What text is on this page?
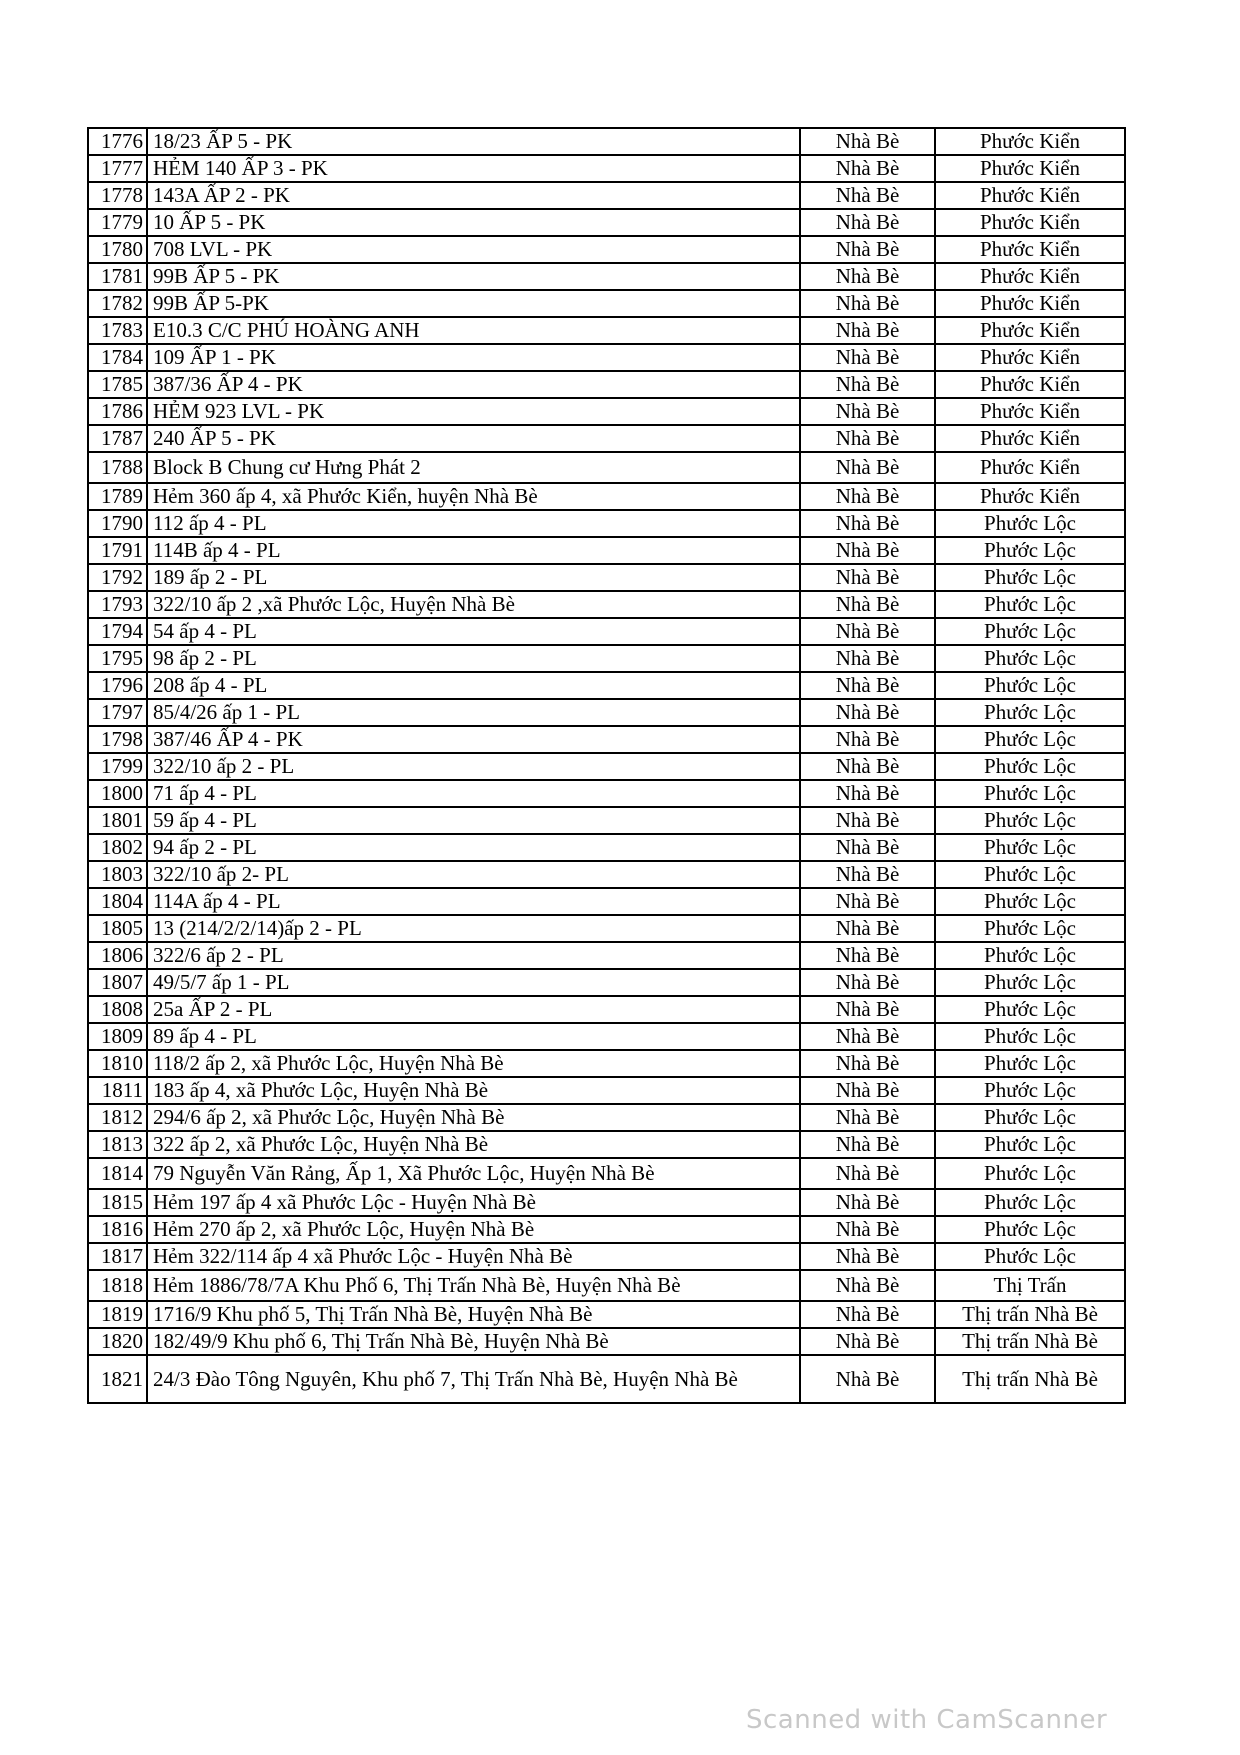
1776	18/23 ẤP 5 - PK	Nhà Bè	Phước Kiển
1777	HẺM 140 ẤP 3 - PK	Nhà Bè	Phước Kiển
1778	143A ẤP 2 - PK	Nhà Bè	Phước Kiển
1779	10 ẤP 5 - PK	Nhà Bè	Phước Kiển
1780	708 LVL - PK	Nhà Bè	Phước Kiển
1781	99B ẤP 5 - PK	Nhà Bè	Phước Kiển
1782	99B ẤP 5-PK	Nhà Bè	Phước Kiển
1783	E10.3 C/C PHÚ HOÀNG ANH	Nhà Bè	Phước Kiển
1784	109 ẤP 1 - PK	Nhà Bè	Phước Kiển
1785	387/36 ẤP 4 - PK	Nhà Bè	Phước Kiển
1786	HẺM 923 LVL - PK	Nhà Bè	Phước Kiển
1787	240 ẤP 5 - PK	Nhà Bè	Phước Kiển
1788	Block B Chung cư Hưng Phát 2	Nhà Bè	Phước Kiển
1789	Hẻm 360 ấp 4, xã Phước Kiển, huyện Nhà Bè	Nhà Bè	Phước Kiển
1790	112 ấp 4 - PL	Nhà Bè	Phước Lộc
1791	114B ấp 4 - PL	Nhà Bè	Phước Lộc
1792	189 ấp 2 - PL	Nhà Bè	Phước Lộc
1793	322/10 ấp 2 ,xã Phước Lộc, Huyện Nhà Bè	Nhà Bè	Phước Lộc
1794	54 ấp 4 - PL	Nhà Bè	Phước Lộc
1795	98 ấp 2 - PL	Nhà Bè	Phước Lộc
1796	208 ấp 4 - PL	Nhà Bè	Phước Lộc
1797	85/4/26 ấp 1 - PL	Nhà Bè	Phước Lộc
1798	387/46 ẤP 4 - PK	Nhà Bè	Phước Lộc
1799	322/10 ấp 2 - PL	Nhà Bè	Phước Lộc
1800	71 ấp 4 - PL	Nhà Bè	Phước Lộc
1801	59 ấp 4 - PL	Nhà Bè	Phước Lộc
1802	94 ấp 2 - PL	Nhà Bè	Phước Lộc
1803	322/10 ấp 2- PL	Nhà Bè	Phước Lộc
1804	114A ấp 4 - PL	Nhà Bè	Phước Lộc
1805	13 (214/2/2/14)ấp 2 - PL	Nhà Bè	Phước Lộc
1806	322/6 ấp 2 - PL	Nhà Bè	Phước Lộc
1807	49/5/7 ấp 1 - PL	Nhà Bè	Phước Lộc
1808	25a ẤP 2 - PL	Nhà Bè	Phước Lộc
1809	89 ấp 4 - PL	Nhà Bè	Phước Lộc
1810	118/2 ấp 2, xã Phước Lộc, Huyện Nhà Bè	Nhà Bè	Phước Lộc
1811	183 ấp 4, xã Phước Lộc, Huyện Nhà Bè	Nhà Bè	Phước Lộc
1812	294/6 ấp 2, xã Phước Lộc, Huyện Nhà Bè	Nhà Bè	Phước Lộc
1813	322 ấp 2, xã Phước Lộc, Huyện Nhà Bè	Nhà Bè	Phước Lộc
1814	79 Nguyễn Văn Rảng, Ấp 1, Xã Phước Lộc, Huyện Nhà Bè	Nhà Bè	Phước Lộc
1815	Hẻm 197 ấp 4 xã Phước Lộc - Huyện Nhà Bè	Nhà Bè	Phước Lộc
1816	Hẻm 270 ấp 2, xã Phước Lộc, Huyện Nhà Bè	Nhà Bè	Phước Lộc
1817	Hẻm 322/114 ấp 4 xã Phước Lộc - Huyện Nhà Bè	Nhà Bè	Phước Lộc
1818	Hẻm 1886/78/7A Khu Phố 6, Thị Trấn Nhà Bè, Huyện Nhà Bè	Nhà Bè	Thị Trấn
1819	1716/9 Khu phố 5, Thị Trấn Nhà Bè, Huyện Nhà Bè	Nhà Bè	Thị trấn Nhà Bè
1820	182/49/9 Khu phố 6, Thị Trấn Nhà Bè, Huyện Nhà Bè	Nhà Bè	Thị trấn Nhà Bè
1821	24/3 Đào Tông Nguyên, Khu phố 7, Thị Trấn Nhà Bè, Huyện Nhà Bè	Nhà Bè	Thị trấn Nhà Bè
Scanned with CamScanner
